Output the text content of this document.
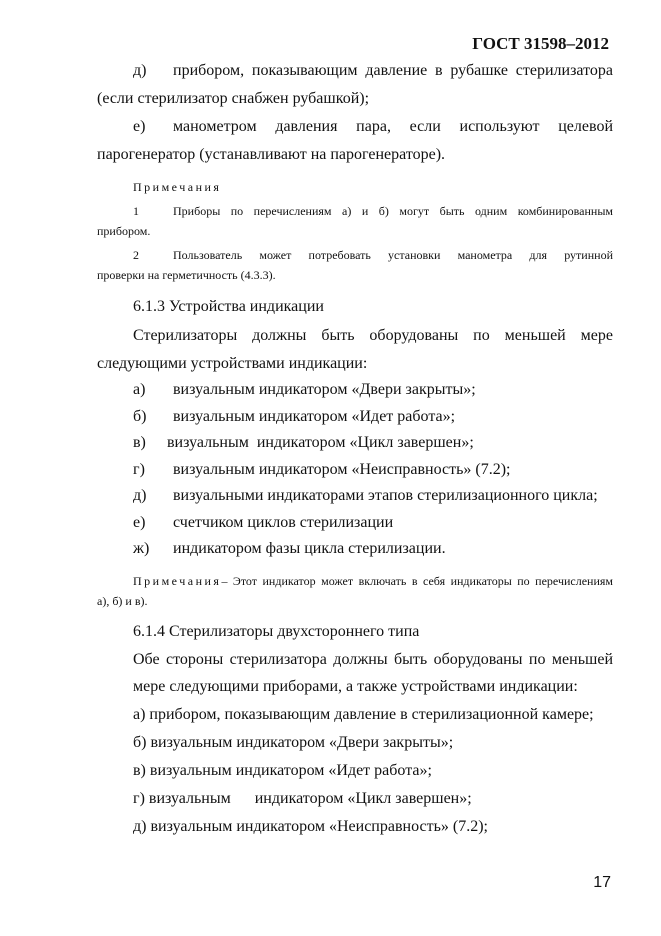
ГОСТ 31598–2012
д) прибором, показывающим давление в рубашке стерилизатора
(если стерилизатор снабжен рубашкой);
е) манометром давления пара, если используют целевой
парогенератор (устанавливают на парогенераторе).
Примечания
1	Приборы по перечислениям а) и б) могут быть одним комбинированным
прибором.
2	Пользователь может потребовать установки манометра для рутинной
проверки на герметичность (4.3.3).
6.1.3 Устройства индикации
Стерилизаторы должны быть оборудованы по меньшей мере
следующими устройствами индикации:
а) визуальным индикатором «Двери закрыты»;
б) визуальным индикатором «Идет работа»;
в) визуальным  индикатором «Цикл завершен»;
г) визуальным индикатором «Неисправность» (7.2);
д) визуальными индикаторами этапов стерилизационного цикла;
е) счетчиком циклов стерилизации
ж) индикатором фазы цикла стерилизации.
Примечания– Этот индикатор может включать в себя индикаторы по перечислениям
а), б) и в).
6.1.4 Стерилизаторы двухстороннего типа
Обе стороны стерилизатора должны быть оборудованы по меньшей
мере следующими приборами, а также устройствами индикации:
а) прибором, показывающим давление в стерилизационной камере;
б) визуальным индикатором «Двери закрыты»;
в) визуальным индикатором «Идет работа»;
г) визуальным      индикатором «Цикл завершен»;
д) визуальным индикатором «Неисправность» (7.2);
17
